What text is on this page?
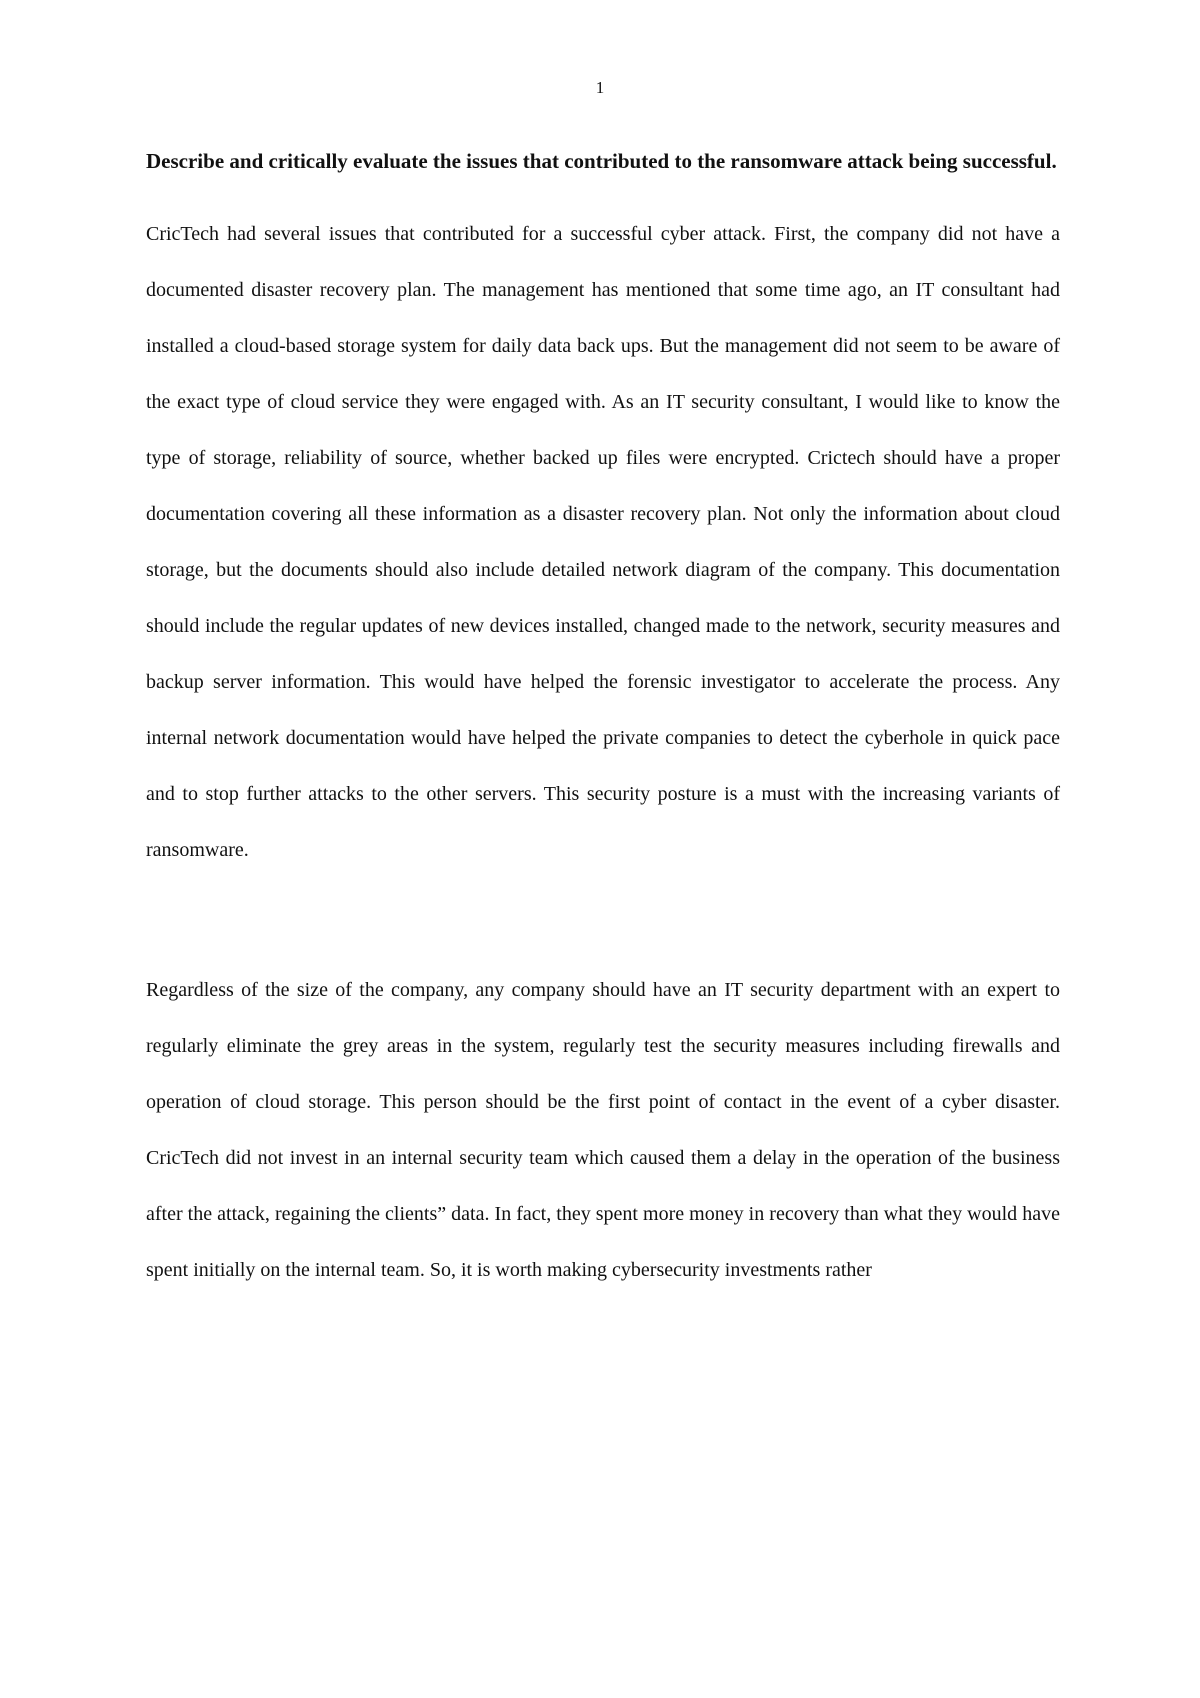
1

Describe and critically evaluate the issues that contributed to the ransomware attack being successful.

CricTech had several issues that contributed for a successful cyber attack. First, the company did not have a documented disaster recovery plan. The management has mentioned that some time ago, an IT consultant had installed a cloud-based storage system for daily data back ups. But the management did not seem to be aware of the exact type of cloud service they were engaged with. As an IT security consultant, I would like to know the type of storage, reliability of source, whether backed up files were encrypted. Crictech should have a proper documentation covering all these information as a disaster recovery plan. Not only the information about cloud storage, but the documents should also include detailed network diagram of the company. This documentation should include the regular updates of new devices installed, changed made to the network, security measures and backup server information. This would have helped the forensic investigator to accelerate the process. Any internal network documentation would have helped the private companies to detect the cyberhole in quick pace and to stop further attacks to the other servers. This security posture is a must with the increasing variants of ransomware.

Regardless of the size of the company, any company should have an IT security department with an expert to regularly eliminate the grey areas in the system, regularly test the security measures including firewalls and operation of cloud storage. This person should be the first point of contact in the event of a cyber disaster. CricTech did not invest in an internal security team which caused them a delay in the operation of the business after the attack, regaining the clients” data. In fact, they spent more money in recovery than what they would have spent initially on the internal team. So, it is worth making cybersecurity investments rather
